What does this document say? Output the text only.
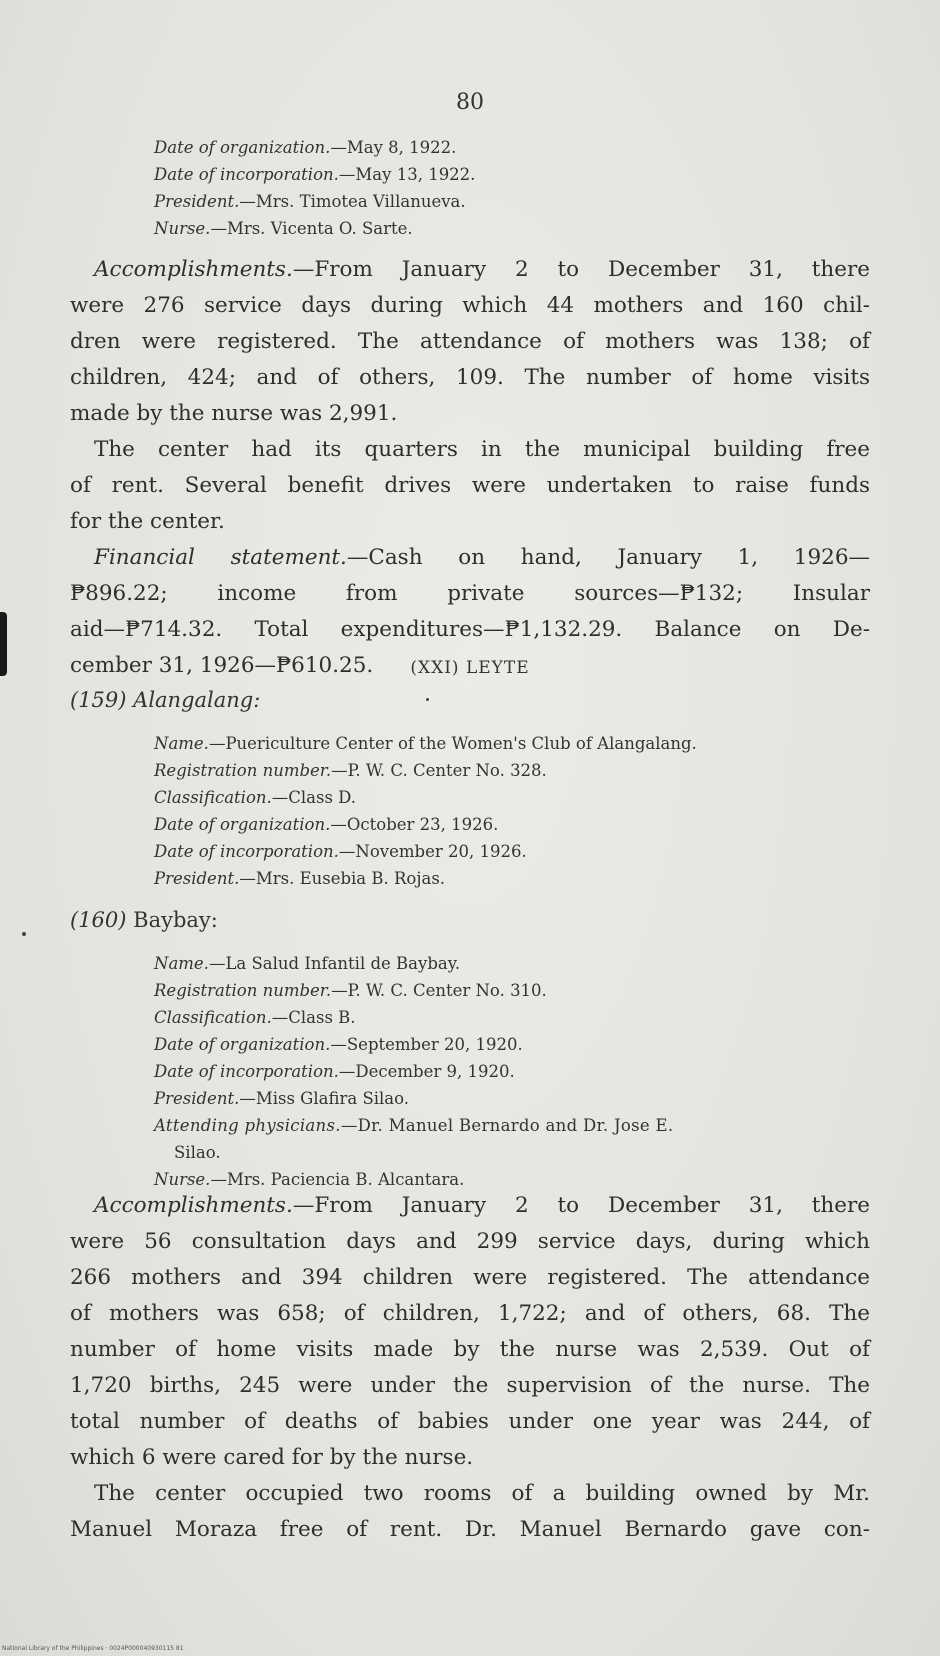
80
Date of organization.—May 8, 1922.
Date of incorporation.—May 13, 1922.
President.—Mrs. Timotea Villanueva.
Nurse.—Mrs. Vicenta O. Sarte.
Accomplishments.—From January 2 to December 31, there
were 276 service days during which 44 mothers and 160 chil-
dren were registered. The attendance of mothers was 138; of
children, 424; and of others, 109. The number of home visits
made by the nurse was 2,991.
The center had its quarters in the municipal building free
of rent. Several benefit drives were undertaken to raise funds
for the center.
Financial statement.—Cash on hand, January 1, 1926—
₱896.22; income from private sources—₱132; Insular
aid—₱714.32. Total expenditures—₱1,132.29. Balance on De-
cember 31, 1926—₱610.25.	(XXI) LEYTE
(159) Alangalang:
Name.—Puericulture Center of the Women's Club of Alangalang.
Registration number.—P. W. C. Center No. 328.
Classification.—Class D.
Date of organization.—October 23, 1926.
Date of incorporation.—November 20, 1926.
President.—Mrs. Eusebia B. Rojas.
(160) Baybay:
Name.—La Salud Infantil de Baybay.
Registration number.—P. W. C. Center No. 310.
Classification.—Class B.
Date of organization.—September 20, 1920.
Date of incorporation.—December 9, 1920.
President.—Miss Glafira Silao.
Attending physicians.—Dr. Manuel Bernardo and Dr. Jose E.
Silao.
Nurse.—Mrs. Paciencia B. Alcantara.
Accomplishments.—From January 2 to December 31, there
were 56 consultation days and 299 service days, during which
266 mothers and 394 children were registered. The attendance
of mothers was 658; of children, 1,722; and of others, 68. The
number of home visits made by the nurse was 2,539. Out of
1,720 births, 245 were under the supervision of the nurse. The
total number of deaths of babies under one year was 244, of
which 6 were cared for by the nurse.
The center occupied two rooms of a building owned by Mr.
Manuel Moraza free of rent. Dr. Manuel Bernardo gave con-
National Library of the Philippines · 0024P000040930115 81
